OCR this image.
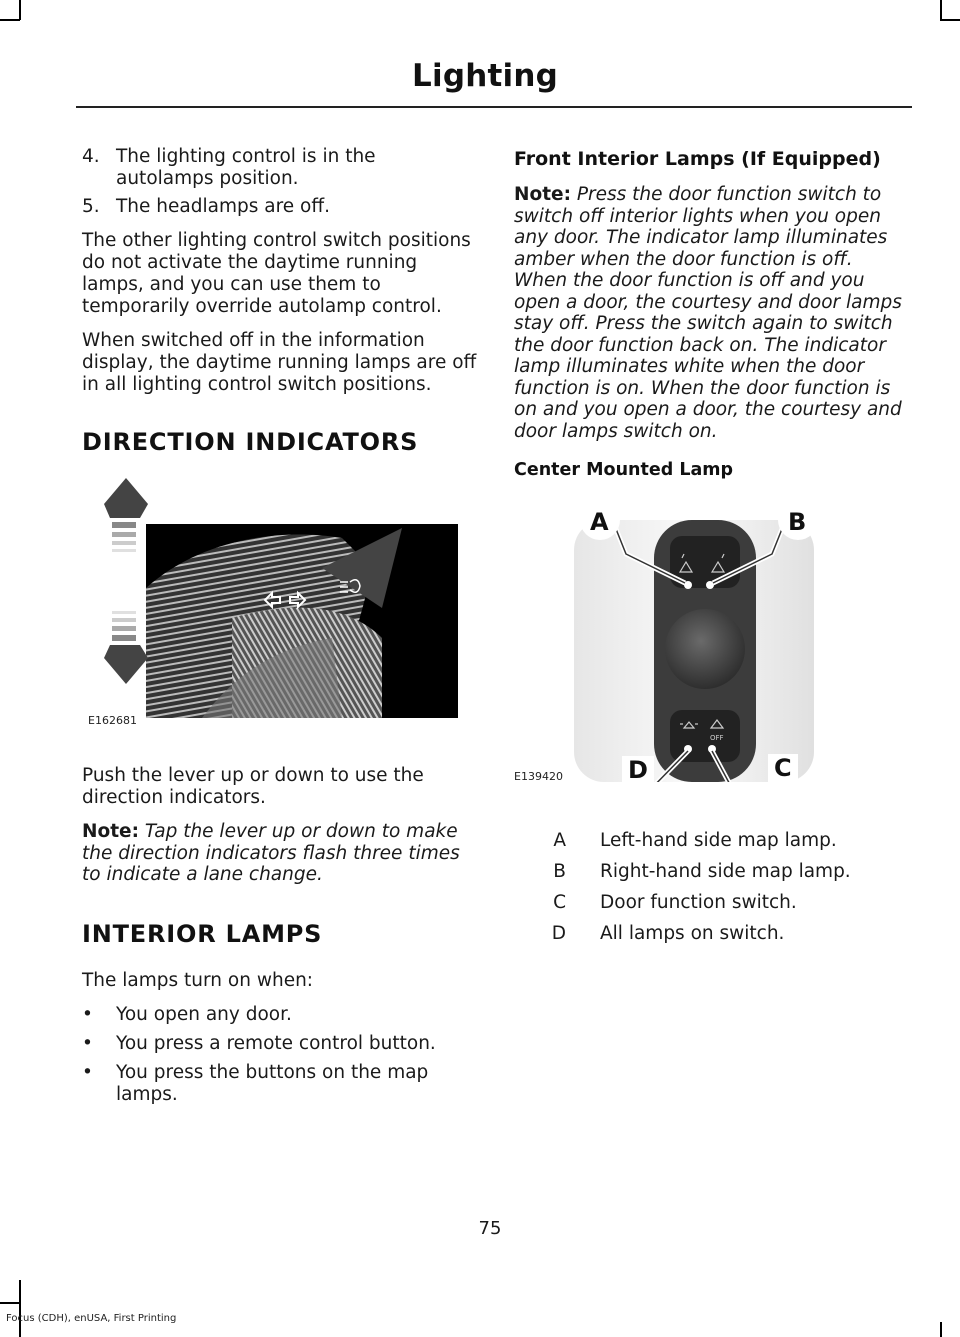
Lighting
4. The lighting control is in the autolamps position.
5. The headlamps are off.

The other lighting control switch positions do not activate the daytime running lamps, and you can use them to temporarily override autolamp control.

When switched off in the information display, the daytime running lamps are off in all lighting control switch positions.

DIRECTION INDICATORS
E162681

Push the lever up or down to use the direction indicators.

Note: Tap the lever up or down to make the direction indicators flash three times to indicate a lane change.

INTERIOR LAMPS

The lamps turn on when:

•	You open any door.
•	You press a remote control button.
•	You press the buttons on the map lamps.
Front Interior Lamps (If Equipped)

Note: Press the door function switch to switch off interior lights when you open any door. The indicator lamp illuminates amber when the door function is off. When the door function is off and you open a door, the courtesy and door lamps stay off. Press the switch again to switch the door function back on. The indicator lamp illuminates white when the door function is on. When the door function is on and you open a door, the courtesy and door lamps switch on.

Center Mounted Lamp
OFF
A	B
D	C
E139420
A	Left-hand side map lamp.
B	Right-hand side map lamp.
C	Door function switch.
D	All lamps on switch.
75
Focus (CDH), enUSA, First Printing
